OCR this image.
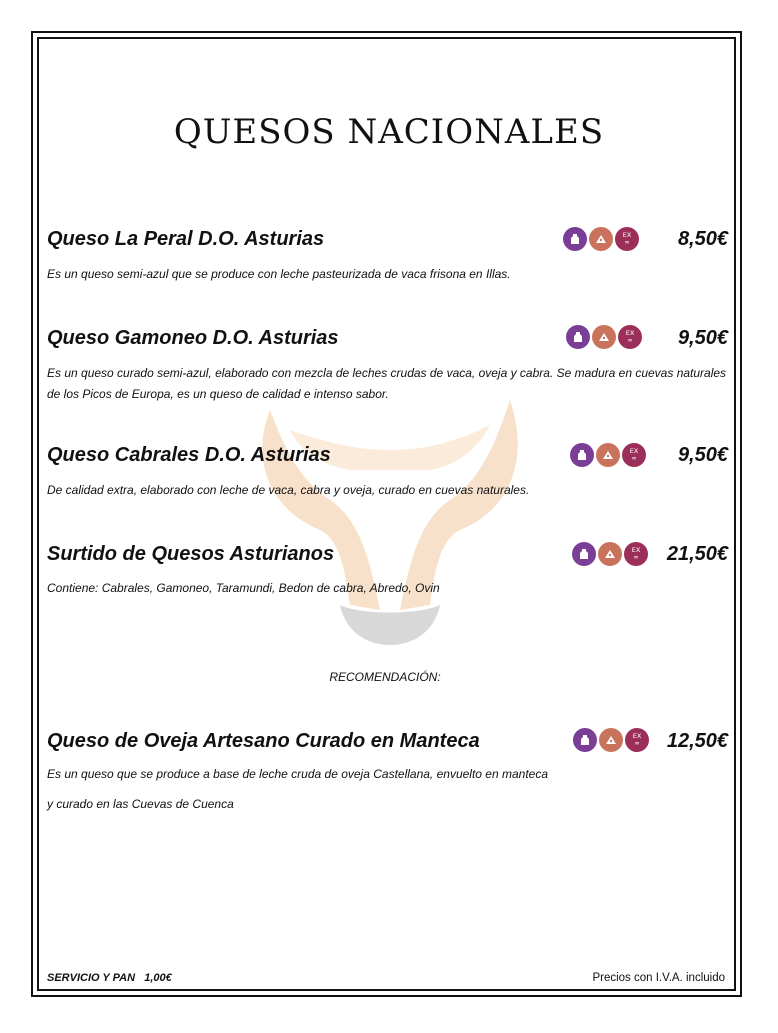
QUESOS NACIONALES
Queso La Peral D.O. Asturias	EX
∞ 8,50€
Es un queso semi-azul que se produce con leche pasteurizada de vaca frisona en Illas.
Queso Gamoneo D.O. Asturias	EX
∞ 9,50€
Es un queso curado semi-azul, elaborado con mezcla de leches crudas de vaca, oveja y cabra. Se madura en cuevas naturales de los Picos de Europa, es un queso de calidad e intenso sabor.
Queso Cabrales D.O. Asturias	EX
∞ 9,50€
De calidad extra, elaborado con leche de vaca, cabra y oveja, curado en cuevas naturales.
Surtido de Quesos Asturianos	EX
∞ 21,50€
Contiene: Cabrales, Gamoneo, Taramundi, Bedon de cabra, Abredo, Ovin
RECOMENDACIÓN:
Queso de Oveja Artesano Curado en Manteca	EX
∞ 12,50€
Es un queso que se produce a base de leche cruda de oveja Castellana, envuelto en manteca
y curado en las Cuevas de Cuenca
SERVICIO Y PAN   1,00€	Precios con I.V.A. incluido
